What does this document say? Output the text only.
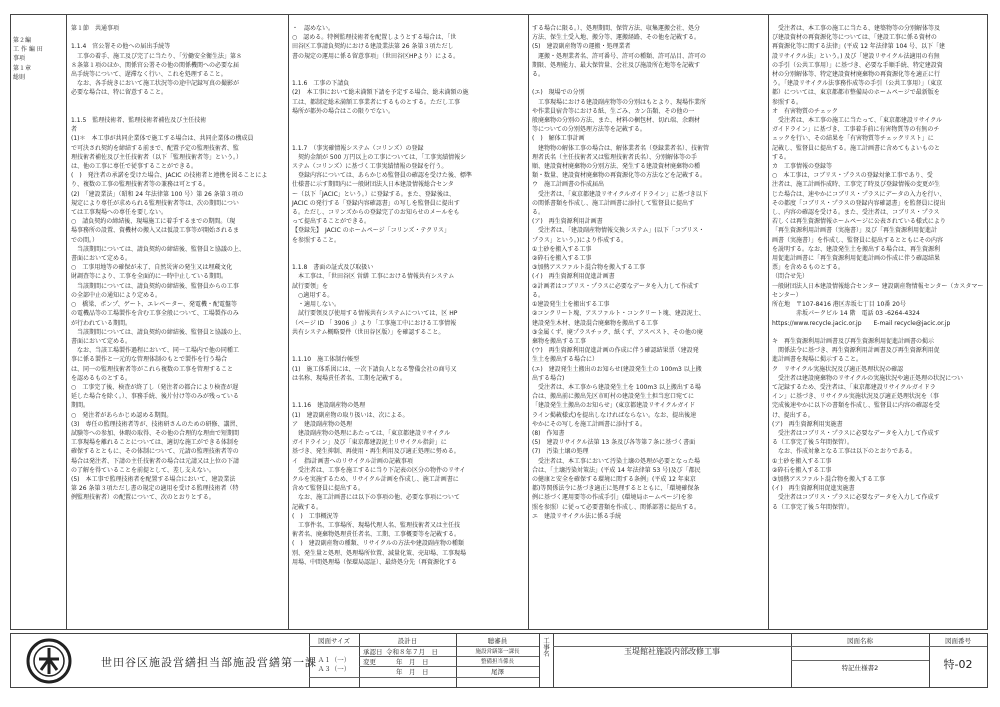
第２編
工 作 編 田
事項
第１章
総則

第１節　共通事項

1.1.4　官公署その他への届出手続等

　工事の着手、施工及び完了に当たり、「労働安全衛生法」第８

８条第１項のほか、関係官公署その他の関係機関への必要な届

出手続等について、遅滞なく行い、これを処理すること。

　なお、各手続きにおいて施工状況等の途中記録写真の撮影が

必要な場合は、特に留意すること。

1.1.5　監理技術者、監理技術者補佐及び主任技術

者

(1)＊　本工事が共同企業体で施工する場合は、共同企業体の構成員

で可決され契約を締結する前まで、配置予定の監理技術者、監

理技術者補佐及び主任技術者（以下「監理技術者等」という。）

は、他の工事に専任で従事することができる。

(　)　発注者の承諾を受けた場合、JACIC の技術者と連携を図ることによ

り、複数の工事の監理技術者等の兼務は可とする。

(2)　「建設業法」（昭和 24 年法律第 100 号）第 26 条第３項の

規定により専任が求められる監理技術者等は、次の期間につい

ては工事現場への専任を要しない。

○　請負契約の締結後、現場施工に着手するまでの期間。（現

場事務所の設置、資機材の搬入又は仮設工事等が開始されるま

での間。）

　当該期間については、請負契約の締結後、監督員と協議の上、

書面において定める。

○　工事用地等の確保が未了、自然災害の発生又は埋蔵文化

財調査等により、工事を全面的に一時中止している期間。

　当該期間については、請負契約の締結後、監督員からの工事

の全部中止の通知により定める。

○　橋梁、ポンプ、ゲート、エレベーター、発電機・配電盤等

の電機品等の工場製作を含む工事全般について、工場製作のみ

が行われている期間。

　当該期間については、請負契約の締結後、監督員と協議の上、

書面において定める。

　なお、当該工場製作過程において、同一工場内で他の同種工

事に係る製作と一元的な管理体制のもとで製作を行う場合

は、同一の監理技術者等がこれら複数の工事を管理すること

を認めるものとする。

○　工事完了後、検査が終了し（発注者の都合により検査が遅

延した場合を除く。）、事務手続、後片付け等のみが残っている

期間。

○　発注者があらかじめ認める期間。

(3)　専任の監理技術者等が、技術研さんのための研修、講習、

試験等への参加、休暇の取得、その他の合理的な理由で短期間

工事現場を離れることについては、適切な施工ができる体制を

確保するとともに、その体制について、元請の監理技術者等の

場合は発注者、下請の主任技術者の場合は元請又は上位の下請

の了解を得ていることを前提として、差し支えない。

(5)　本工事で監理技術者を配置する場合において、建設業法

第 26 条第３項ただし書の規定の適用を受ける監理技術者（特

例監理技術者）の配置について、次のとおりとする。

・　認めない。

○　認める。特例監理技術者を配置しようとする場合は、「世

田谷区工事請負契約における建設業法第 26 条第３項ただし

書の規定の運用に係る留意事項」（世田谷区HPより）による。

1.1.6　工事の下請負

(2)　本工事において総未満額下請を予定する場合、総未満額の施

工は、都制定総未満額工事業者にするものとする。ただし工事

場所が都外の場合はこの限りでない。

1.1.7　（事実確情報システム（コリンズ）の登録

　契約金額が 500 万円以上の工事については、「工事実績情報シ

ステム（コリンズ）に基づく工事実績情報の登録を行う。

　登録内容については、あらかじめ監督員の確認を受けた後、標準

仕様書に示す期間内に一般財団法人日本建設情報総合センタ

ー（以下「JACIC」という。）に登録する。また、登録後は、

JACIC の発行する「登録内容確認書」の写しを監督員に提出す

る。ただし、コリンズからの登録完了のお知らせのメールをも

って提出することができる。

【登録先】　JACIC のホームページ「コリンズ・テクリス」

を参照すること。

1.1.8　書面の証式及び取扱い

　本工事は、「世田谷区 営繕 工事における情報共有システム

試行要領」を

　○適用する。

　・適用しない。

　試行要領及び使用する情報共有システムについては、区 HP

（ページ ID 「 3906 」）より「工事施工中における工事情報

共有システム概略要件（世田谷区版）」を確認すること。

1.1.10　施工体制台帳型

(1)　施工体系図には、一次下請負人となる警備会社の商号又

は名称、現場責任者名、工期を記載する。

1.1.16　建設副産物の処理

(1)　建設副産物の取り扱いは、次による。

ア　建設副産物の処理

　建設副産物の処理にあたっては、「東京都建設リサイクル

ガイドライン」及び「東京都建設泥土リサイクル指針」に

基づき、発生抑制、再使用・再生利用及び適正処理に努める。

イ　指ⅰ計画書へのリサイクル計画の記載事項

　受注者は、工事を施工するに当り下記表の区分の物件のリサイ

クルを実施するため、リサイクル計画を作成し、施工計画書に

含めて監督員に提出する。

　なお、施工計画書には以下の事項の他、必要な事項について

記載する。

(　)　工事概況等

　工事件名、工事場所、現場代理人名、監理技術者又は主任技

術者名、廃棄物処理責任者名、工期、工事概要等を記載する。

(　)　建設副産物の種類、リサイクルの方法や建設副産物の種類

別、発生量と処理、処理場所位置、減量化策、売却場、工事現場

用場、中間処理場（保環局認証）、最終処分先（再資源化する

する場合に限る。）、処理期間、保管方法、収集運搬会社、処分

方法、保生土受入地、搬分等、運搬経路、その他を記載する。

(5)　建設副産物等の運搬・処理業者

　運搬・処理業者名、許可番号、許可の種類、許可品目、許可の

期限、処理能力、最大保管量、会社及び施設所在地等を記載す

る。

(エ)　現場での分別

　工事現場における建設副産物等の分別はもとより、現場作業所

や作業員宿舎等における紙、生ごみ、カン缶類、その他の一

般廃棄物の分別の方法、また、材料の梱包材、切れ端、余剰材

等についての分別処理方法等を記載する。

(　)　解体工事計画

　建物物の解体工事の場合は、解体業者名（登録業者名）、技術管

理者氏名（主任技術者又は監理技術者氏名）、分別解体等の手

順、建設資材廃棄物の分別方法、発生する建設資材廃棄物の種

類・数量、建設資材廃棄物の再資源化等の方法などを記載する。

ウ　施工計画書の作成届出

　受注者は、「東京都建設リサイクルガイドライン」に基づき以下

の関係書類を作成し、施工計画書に添付して監督員に提出す

る。

(ア)　再生資源利用計画書

　受注者は、「建設副産物情報交換システム」(以下「コブリス・

プラス」という。)により作成する。

①土砂を搬入する工事

②砕石を搬入する工事

③加熱アスファルト混合物を搬入する工事

(イ)　再生資源利用促進計画書

②計画者はコブリス・プラスに必要なデータを入力して作成す

る。

①建設発生土を搬出する工事

②コンクリート塊、アスファルト・コンクリート塊、建設泥土、

建設発生木材、建設混合廃棄物を搬出する工事

③金属くず、廃プラスチック、紙くず、アスベスト、その他の廃

棄物を搬出する工事

(ウ)　再生資源利用促進計画の作成に伴う確認結果票（建設発

生土を搬出する場合に）

(エ)　建設発生土搬出のお知らせ(建設発生土の 100m3 以上搬

出する場合)

　受注者は、本工事から建設発生土を 100m3 以上搬出する場

合は、搬出前に搬出先区市町村の建設発生土担当窓口宛てに

「建設発生土搬出のお知らせ」(東京都建設リサイクルガイド

ライン掲載様式)を提出しなければならない。なお、提出後速

やかにその写しを施工計画書に添付する。

(8)　作知書

(5)　建設リサイクル法第 13 条及び各等第７条に基づく書面

(7)　汚染土壌の処理

　受注者は、本工事において汚染土壌の処理が必要となった場

合は、「土壌汚染対策法」(平成 14 年法律第 53 号)及び「都民

の健康と安全を確保する環境に関する条例」(平成 12 年東京

都)等関係法令に基づき適正に処理するとともに、「環境確保条

例に基づく運用要等の作成手引」(環境局ホームページ)を参

照を参照）に従って必要書類を作成し、関係部署に提出する。

エ　建設リサイクル法に係る手続

　受注者は、本工事の施工に当たる、建築物等の分別解体等及

び建設資材の再資源化等については、「建設工事に係る資材の

再資源化等に関する法律」(平成 12 年法律第 104 号、以下「建

設リサイクル法」という。) 及び「建設リサイクル法適用の有無

の手引（公共工事用）」に基づき、必要な手順手続、特定建設資

材の分別解体等、特定建設資材廃棄物の再資源化等を適正に行

う。「建設リサイクル法事務作成等の手引（公共工事用）」（東京

都）については、東京都都市整備局のホームページで最新版を

参照する。

オ　有害物質のチェック

　受注者は、本工事の施工に当たって、「東京都建設リサイクル

ガイドライン」に基づき、工事着手前に有害物質等の有無のチ

ェックを行い、その結果を「有害物質等チェックリスト」に

記載し、監督員に提出する。施工計画書に含めてもよいものと

する。

カ　工事情報の登録等

○　本工事は、コブリス・プラスの登録対象工事であり、受

注者は、施工計画作成時、工事完了時及び登録情報の変更が生

じた場合は、速やかにコブリス・プラスにデータの入力を行い、

その都度「コブリス・プラスの登録内容確認書」を監督員に提出

し、内容の確認を受ける。また、受注者は、コブリス・プラス

若しくは再生資源情報ホームページに公表されている様式により

「再生資源利用計画書（実施書）」及び「再生資源利用促進計

画書（実施書）」を作成し、監督員に提出するとともにその内容

を説明する。なお、建設発生土を搬出する場合は、再生資源利

用促進計画書に「再生資源利用促進計画の作成に伴う確認結果

票」を含めるものとする。

（問合せ先）

一般財団法人日本建設情報総合センター 建設副産物情報センター（カスタマーセンター）

所在地　〒107-8416 港区赤坂七丁目 10番 20号

　　　　赤坂パークビル 14 階　電話 03 -6264-4324

https://www.recycle.jacic.or.jp　　E-mail recycle@jacic.or.jp

キ　再生資源利用計画書及び再生資源利用促進計画書の掲示

　関係法令に基づき、再生資源利用計画書及び再生資源利用促

進計画書を現場に掲示すること。

ク　リサイクル実施状況及び適正処理状況の確認

　受注者は建設廃棄物のリサイクルの実施状況や適正処理の状況につい

て記録するため、受注者は、「東京都建設リサイクルガイドラ

イン」に基づき、リサイクル実施状況及び適正処理状況を（事

完成後速やかに以下の書類を作成し、監督員に内容の確認を受

け、提出する。

(ア)　再生資源利用実施書

　受注者はコブリス・プラスに必要なデータを入力して作成す

る（工事完了後５年間保管）。

　なお、作成対象となる工事は以下のとおりである。

①土砂を搬入する工事

②砕石を搬入する工事

③加熱アスファルト混合物を搬入する工事

(イ)　再生資源利用促進実施書

　受注者はコブリス・プラスに必要なデータを入力して作成す

る（工事完了後５年間保管）。

世田谷区施設営繕担当部施設営繕第一課
図面サイズ
Ａ１（一）
Ａ３（一）
設計日
承認日 令和８年７月　日
変更	年　月　日
年　月　日
聴審員
施設営繕第一課長
整備担当係長
尾澤
工事名	玉堤館社施設内部改修工事
図面名称
特記仕様書2
図面番号
特-02
